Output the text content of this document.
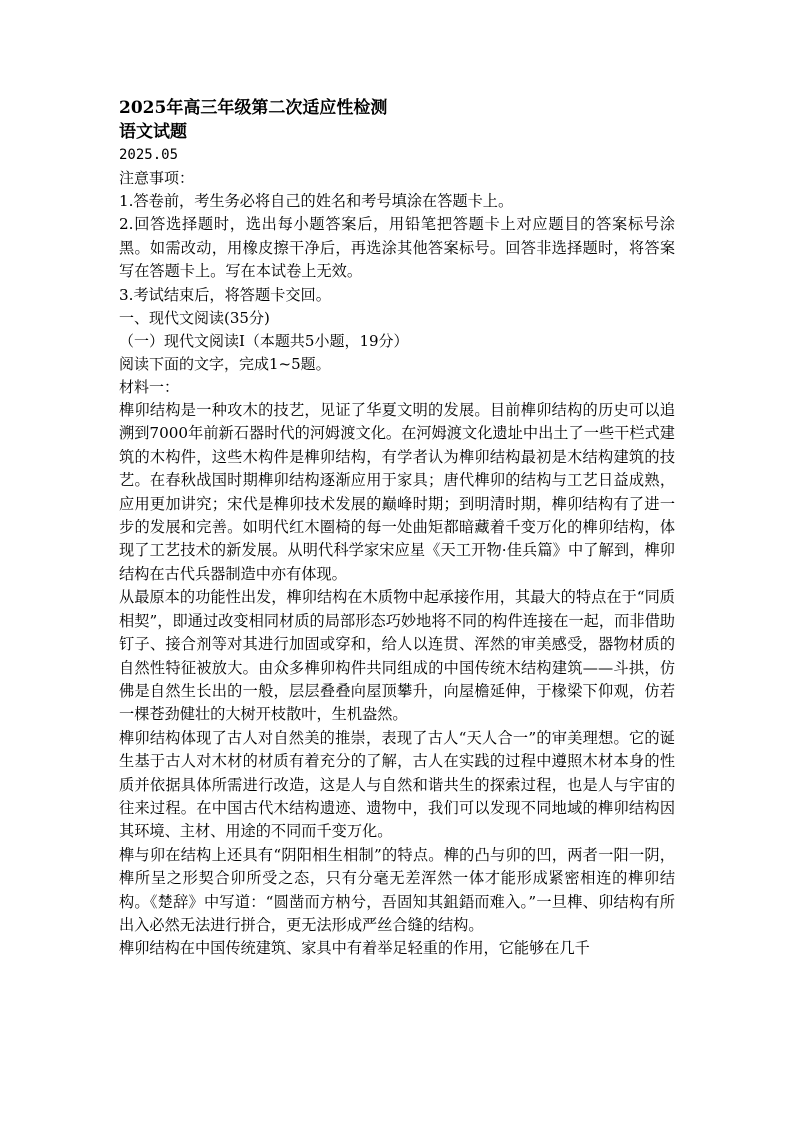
2025年高三年级第二次适应性检测

语文试题

2025.05

注意事项：

1.答卷前，考生务必将自己的姓名和考号填涂在答题卡上。

2.回答选择题时，选出每小题答案后，用铅笔把答题卡上对应题目的答案标号涂黑。如需改动，用橡皮擦干净后，再选涂其他答案标号。回答非选择题时，将答案写在答题卡上。写在本试卷上无效。

3.考试结束后，将答题卡交回。

一、现代文阅读(35分)

（一）现代文阅读Ⅰ（本题共5小题，19分）

阅读下面的文字，完成1~5题。

材料一：

榫卯结构是一种攻木的技艺，见证了华夏文明的发展。目前榫卯结构的历史可以追溯到7000年前新石器时代的河姆渡文化。在河姆渡文化遗址中出土了一些干栏式建筑的木构件，这些木构件是榫卯结构，有学者认为榫卯结构最初是木结构建筑的技艺。在春秋战国时期榫卯结构逐渐应用于家具；唐代榫卯的结构与工艺日益成熟，应用更加讲究；宋代是榫卯技术发展的巅峰时期；到明清时期，榫卯结构有了进一步的发展和完善。如明代红木圈椅的每一处曲矩都暗藏着千变万化的榫卯结构，体现了工艺技术的新发展。从明代科学家宋应星《天工开物·佳兵篇》中了解到，榫卯结构在古代兵器制造中亦有体现。

从最原本的功能性出发，榫卯结构在木质物中起承接作用，其最大的特点在于“同质相契”，即通过改变相同材质的局部形态巧妙地将不同的构件连接在一起，而非借助钉子、接合剂等对其进行加固或穿和，给人以连贯、浑然的审美感受，器物材质的自然性特征被放大。由众多榫卯构件共同组成的中国传统木结构建筑——斗拱，仿佛是自然生长出的一般，层层叠叠向屋顶攀升，向屋檐延伸，于椽梁下仰观，仿若一棵苍劲健壮的大树开枝散叶，生机盎然。

榫卯结构体现了古人对自然美的推崇，表现了古人“天人合一”的审美理想。它的诞生基于古人对木材的材质有着充分的了解，古人在实践的过程中遵照木材本身的性质并依据具体所需进行改造，这是人与自然和谐共生的探索过程，也是人与宇宙的往来过程。在中国古代木结构遗迹、遗物中，我们可以发现不同地域的榫卯结构因其环境、主材、用途的不同而千变万化。

榫与卯在结构上还具有“阴阳相生相制”的特点。榫的凸与卯的凹，两者一阳一阴，榫所呈之形契合卯所受之态，只有分毫无差浑然一体才能形成紧密相连的榫卯结构。《楚辞》中写道：“圆凿而方枘兮，吾固知其鉏鋙而难入。”一旦榫、卯结构有所出入必然无法进行拼合，更无法形成严丝合缝的结构。

榫卯结构在中国传统建筑、家具中有着举足轻重的作用，它能够在几千
